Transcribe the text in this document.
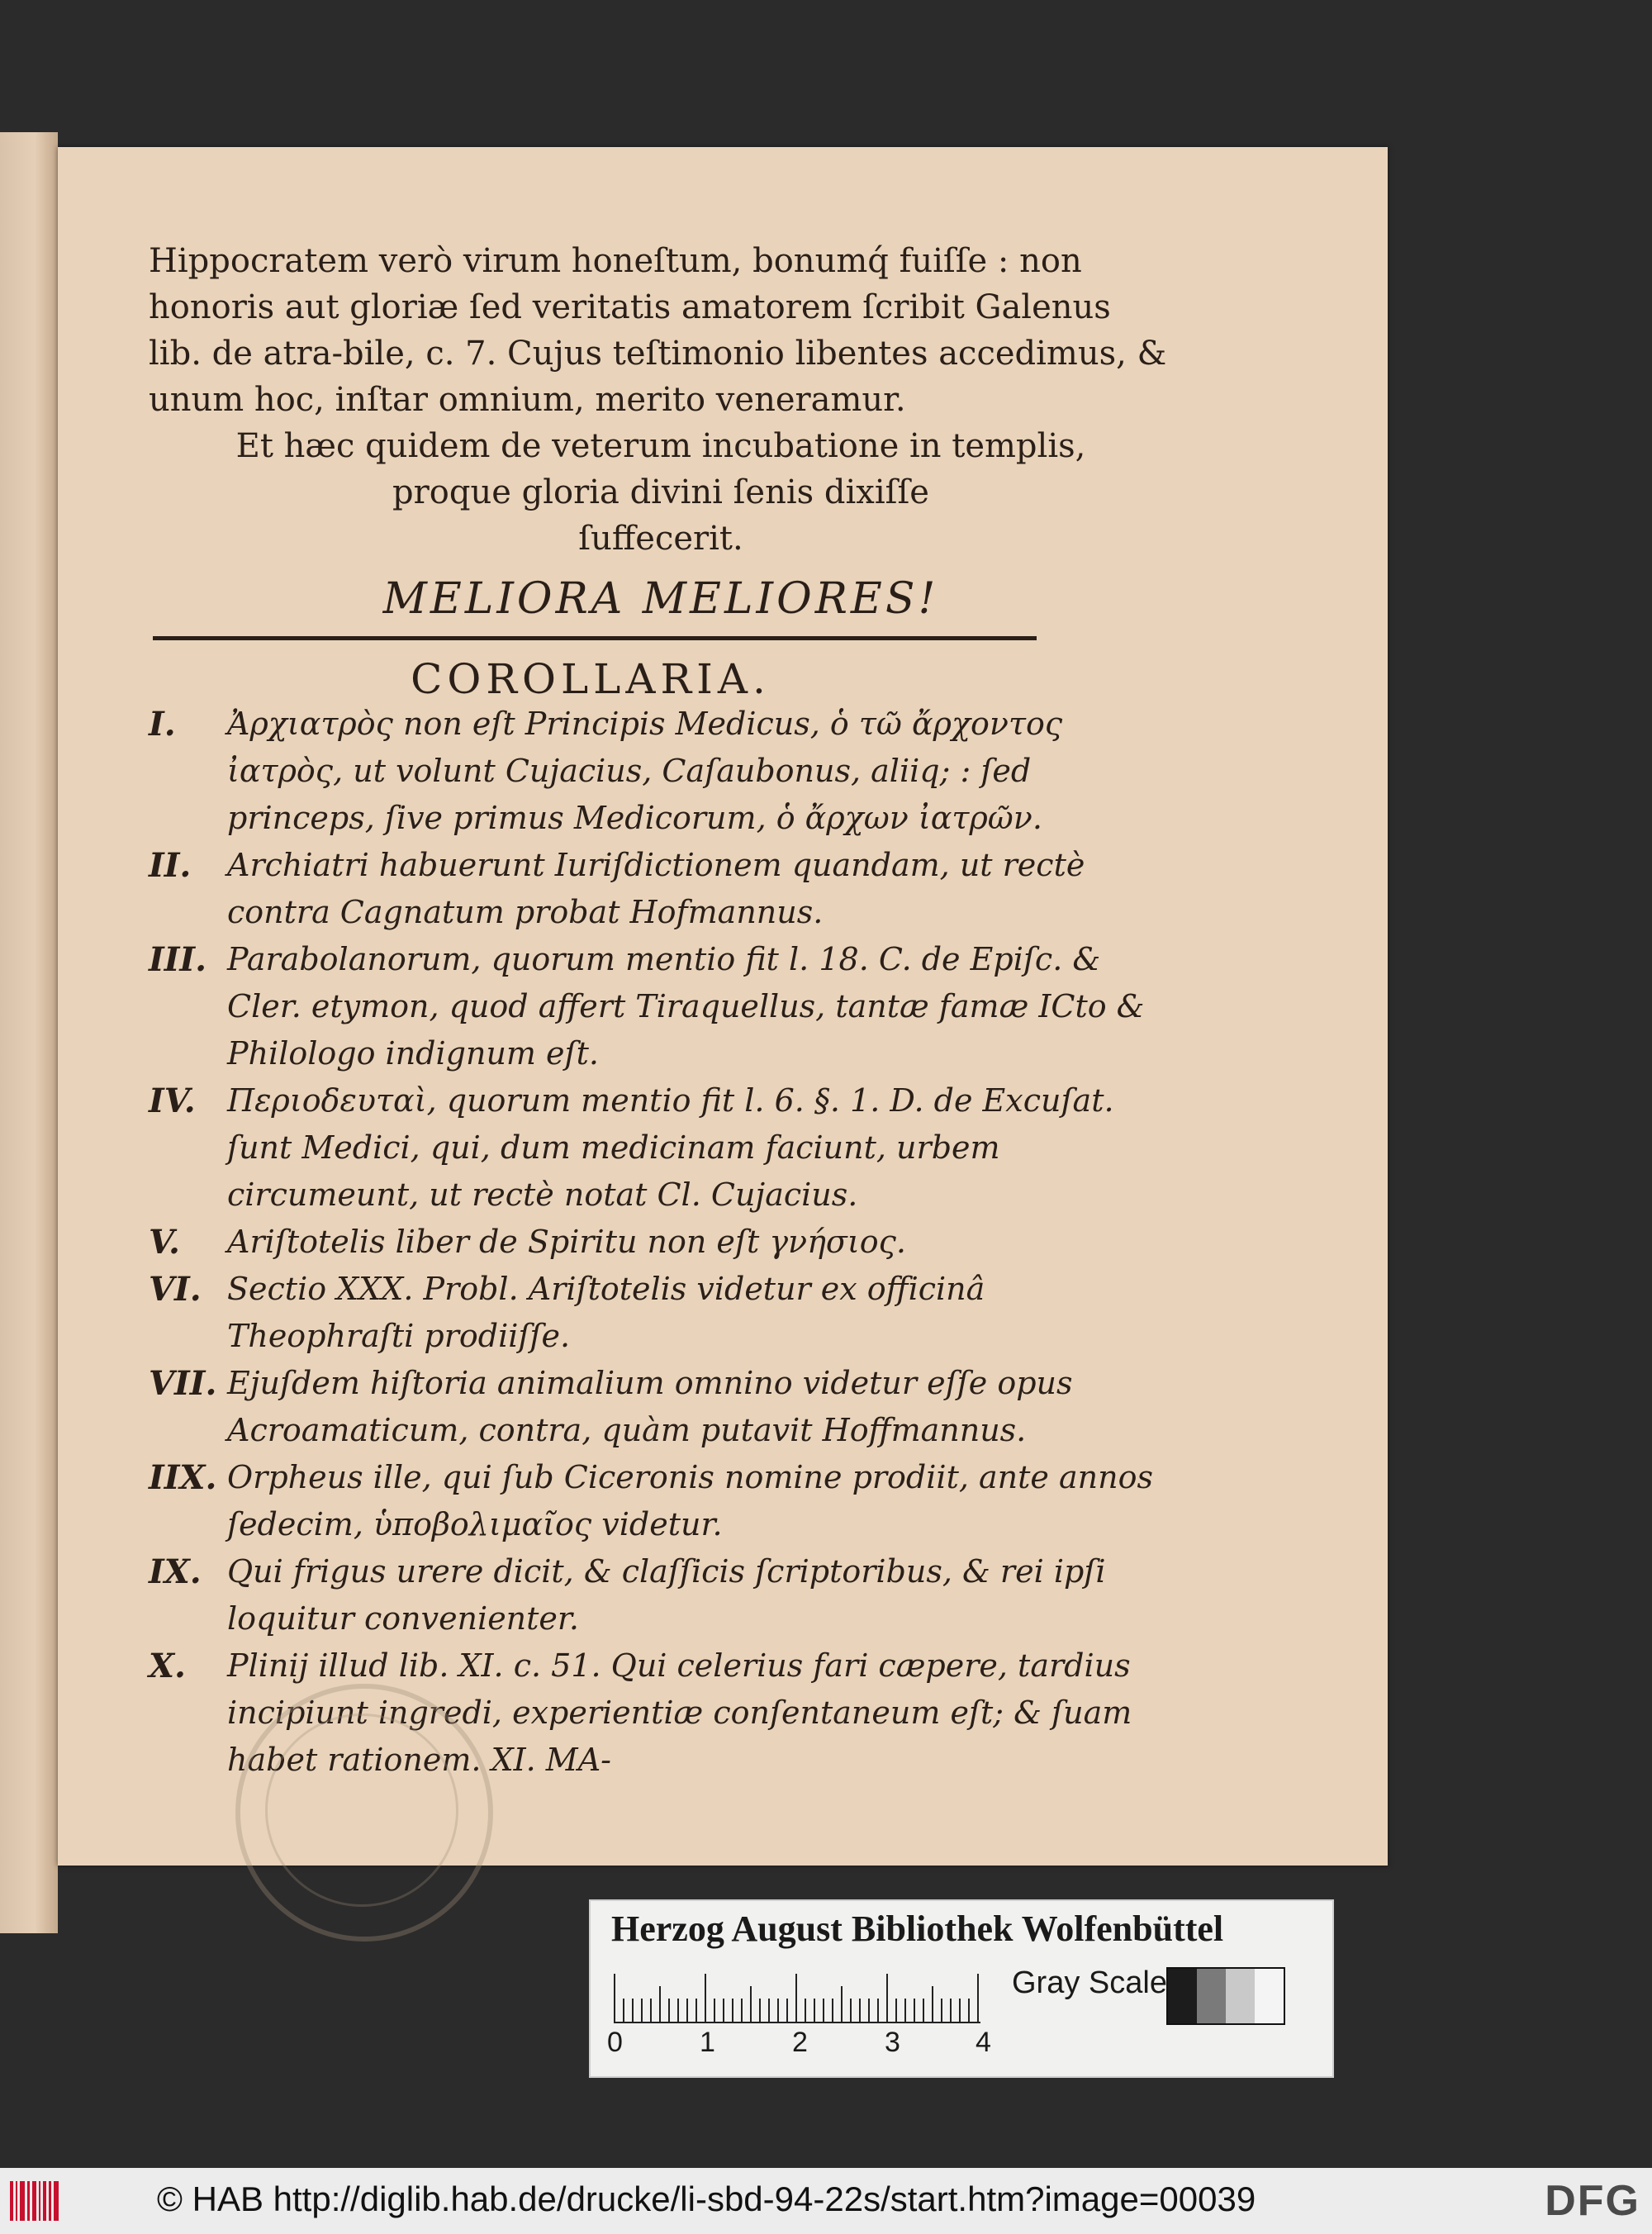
Hippocratem verò virum honeſtum, bonumq́ fuiſſe : non honoris aut gloriæ ſed veritatis amatorem ſcribit Galenus lib. de atra-bile, c. 7. Cujus teſtimonio libentes accedimus, & unum hoc, inſtar omnium, merito veneramur.

Et hæc quidem de veterum incubatione in templis,

proque gloria divini ſenis dixiſſe

ſuffecerit.

MELIORA MELIORES!

COROLLARIA.

I.	Ἀρχιατρὸς non eſt Principis Medicus, ὁ τῶ ἄρχοντος ἰατρὸς, ut volunt Cujacius, Caſaubonus, aliiq; : ſed princeps, ſive primus Medicorum, ὁ ἄρχων ἰατρῶν.
II.	Archiatri habuerunt Iuriſdictionem quandam, ut rectè contra Cagnatum probat Hofmannus.
III. Parabolanorum, quorum mentio fit l. 18. C. de Epiſc. & Cler. etymon, quod affert Tiraquellus, tantæ famæ ICto & Philologo indignum eſt.
IV.	Περιοδευταὶ, quorum mentio fit l. 6. §. 1. D. de Excuſat. ſunt Medici, qui, dum medicinam faciunt, urbem circumeunt, ut rectè notat Cl. Cujacius.
V.	Ariſtotelis liber de Spiritu non eſt γνήσιος.
VI. Sectio XXX. Probl. Ariſtotelis videtur ex officinâ Theophraſti prodiiſſe.
VII. Ejuſdem hiſtoria animalium omnino videtur eſſe opus Acroamaticum, contra, quàm putavit Hoffmannus.
IIX. Orpheus ille, qui ſub Ciceronis nomine prodiit, ante annos ſedecim, ὑποβολιμαῖος videtur.
IX. Qui frigus urere dicit, & claſſicis ſcriptoribus, & rei ipſi loquitur convenienter.
X.	Plinij illud lib. XI. c. 51. Qui celerius fari cæpere, tardius incipiunt ingredi, experientiæ conſentaneum eſt; & ſuam habet rationem. XI. MA-
Herzog August Bibliothek Wolfenbüttel
0	1	2	3	4
Gray Scale
© HAB http://diglib.hab.de/drucke/li-sbd-94-22s/start.htm?image=00039	DFG
